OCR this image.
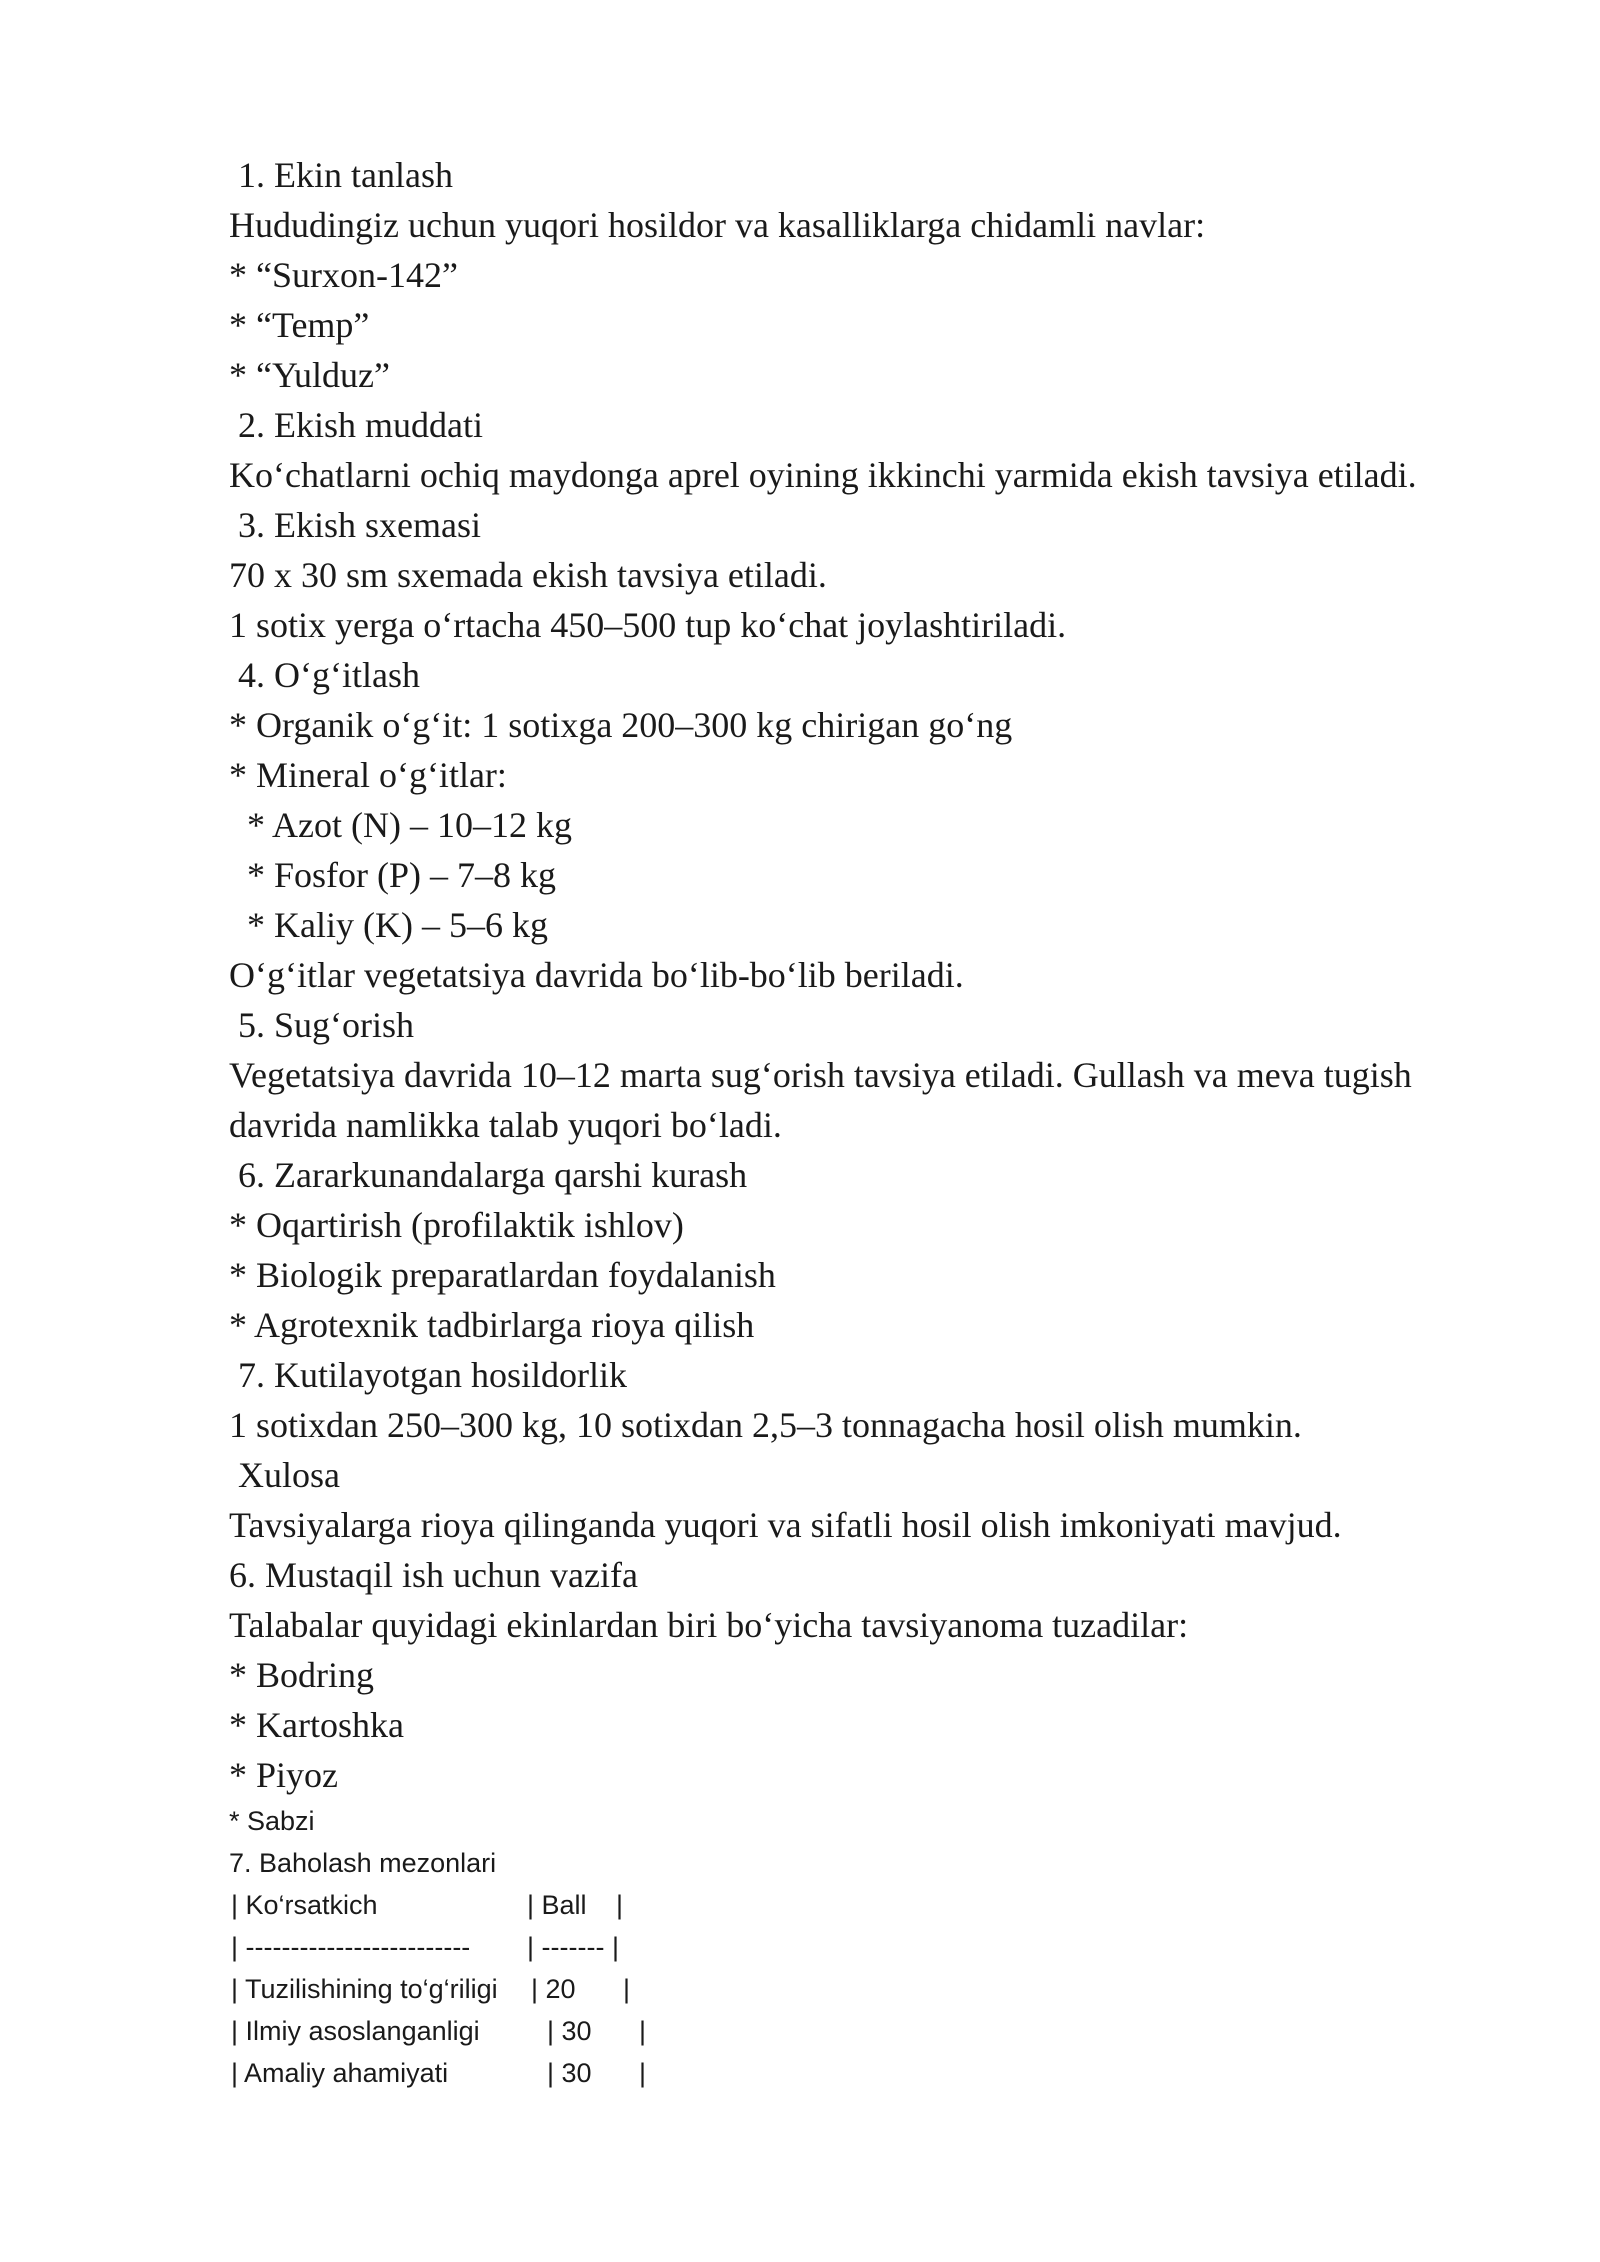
1. Ekin tanlash
Hududingiz uchun yuqori hosildor va kasalliklarga chidamli navlar:
* “Surxon-142”
* “Temp”
* “Yulduz”
2. Ekish muddati
Ko‘chatlarni ochiq maydonga aprel oyining ikkinchi yarmida ekish tavsiya etiladi.
3. Ekish sxemasi
70 x 30 sm sxemada ekish tavsiya etiladi.
1 sotix yerga o‘rtacha 450–500 tup ko‘chat joylashtiriladi.
4. O‘g‘itlash
* Organik o‘g‘it: 1 sotixga 200–300 kg chirigan go‘ng
* Mineral o‘g‘itlar:
* Azot (N) – 10–12 kg
* Fosfor (P) – 7–8 kg
* Kaliy (K) – 5–6 kg
O‘g‘itlar vegetatsiya davrida bo‘lib-bo‘lib beriladi.
5. Sug‘orish
Vegetatsiya davrida 10–12 marta sug‘orish tavsiya etiladi. Gullash va meva tugish davrida namlikka talab yuqori bo‘ladi.
6. Zararkunandalarga qarshi kurash
* Oqartirish (profilaktik ishlov)
* Biologik preparatlardan foydalanish
* Agrotexnik tadbirlarga rioya qilish
7. Kutilayotgan hosildorlik
1 sotixdan 250–300 kg, 10 sotixdan 2,5–3 tonnagacha hosil olish mumkin.
Xulosa
Tavsiyalarga rioya qilinganda yuqori va sifatli hosil olish imkoniyati mavjud.
6. Mustaqil ish uchun vazifa
Talabalar quyidagi ekinlardan biri bo‘yicha tavsiyanoma tuzadilar:
* Bodring
* Kartoshka
* Piyoz
* Sabzi
7. Baholash mezonlari

| Ko‘rsatkich

	| Ball

|

| -------------------------

| ------- |

| Tuzilishining to‘g‘riligi

| 20

|

| Ilmiy asoslanganligi

| 30

|

| Amaliy ahamiyati

	| 30

|
